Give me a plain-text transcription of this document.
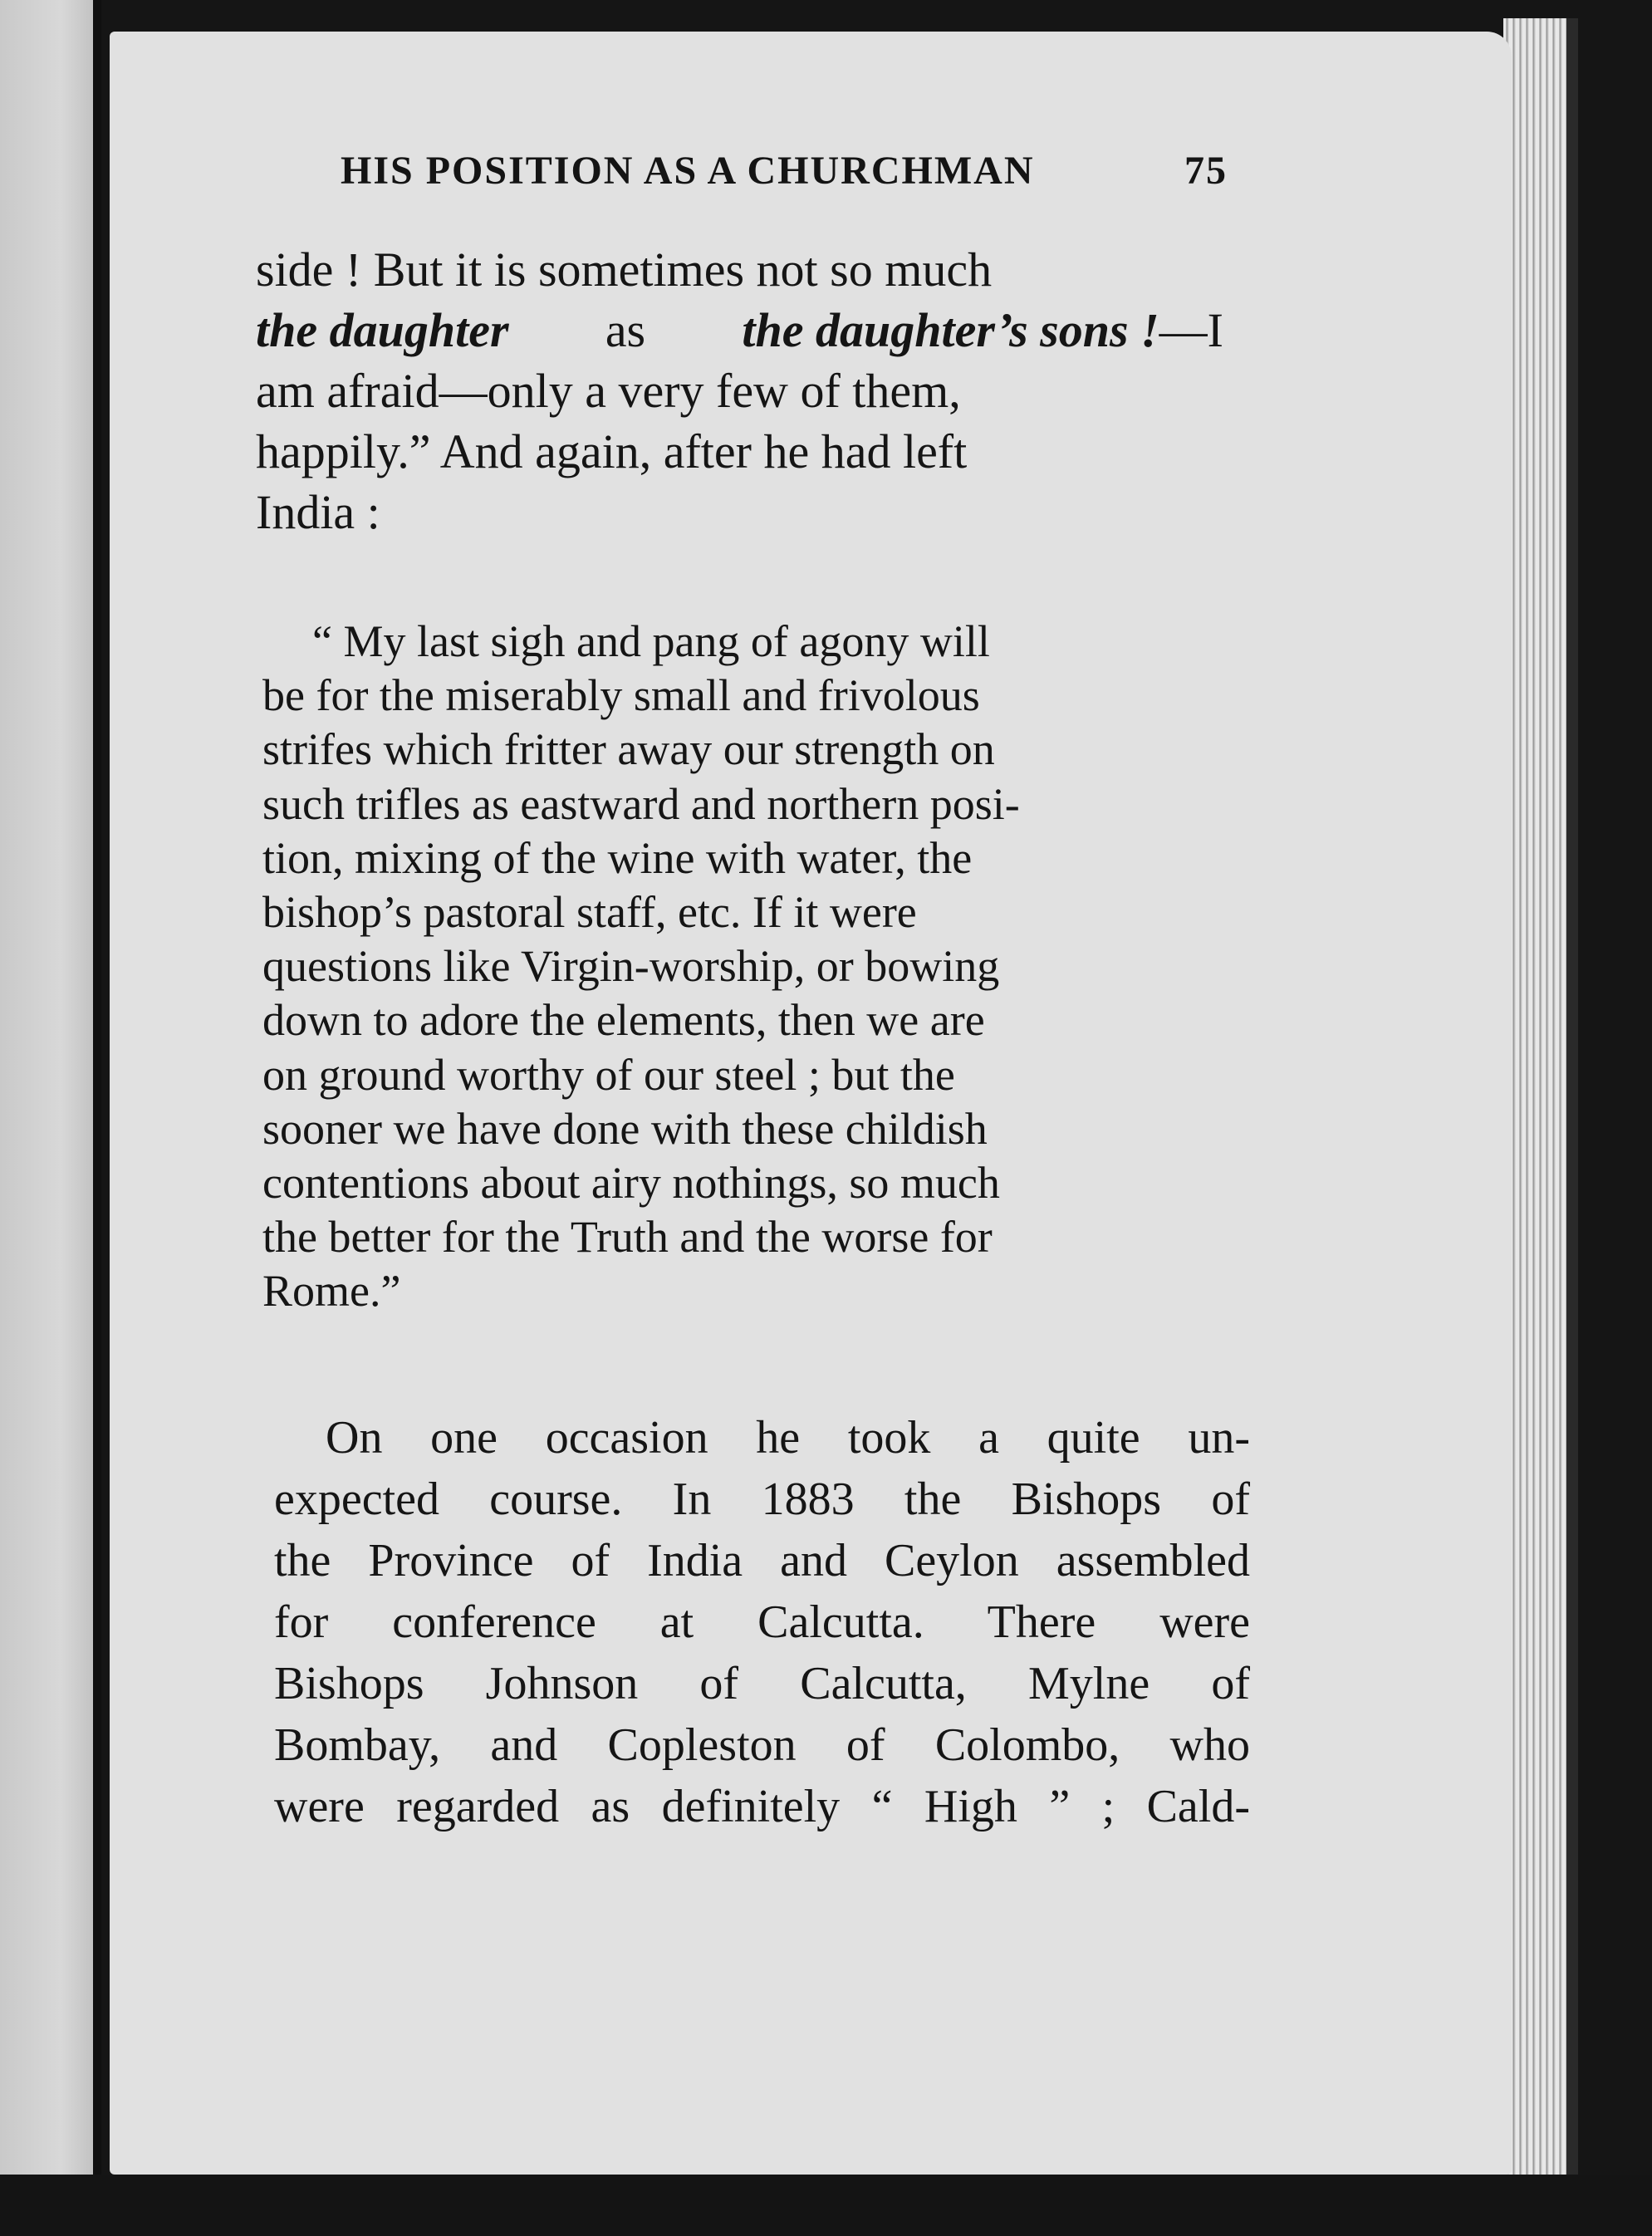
HIS POSITION AS A CHURCHMAN	75
side ! But it is sometimes not so much
the daughter as the daughter’s sons !—I
am afraid—only a very few of them,
happily.” And again, after he had left
India :
“ My last sigh and pang of agony will
be for the miserably small and frivolous
strifes which fritter away our strength on
such trifles as eastward and northern posi-
tion, mixing of the wine with water, the
bishop’s pastoral staff, etc. If it were
questions like Virgin-worship, or bowing
down to adore the elements, then we are
on ground worthy of our steel ; but the
sooner we have done with these childish
contentions about airy nothings, so much
the better for the Truth and the worse for
Rome.”
On one occasion he took a quite un-
expected course. In 1883 the Bishops of
the Province of India and Ceylon assembled
for conference at Calcutta. There were
Bishops Johnson of Calcutta, Mylne of
Bombay, and Copleston of Colombo, who
were regarded as definitely “ High ” ; Cald-
